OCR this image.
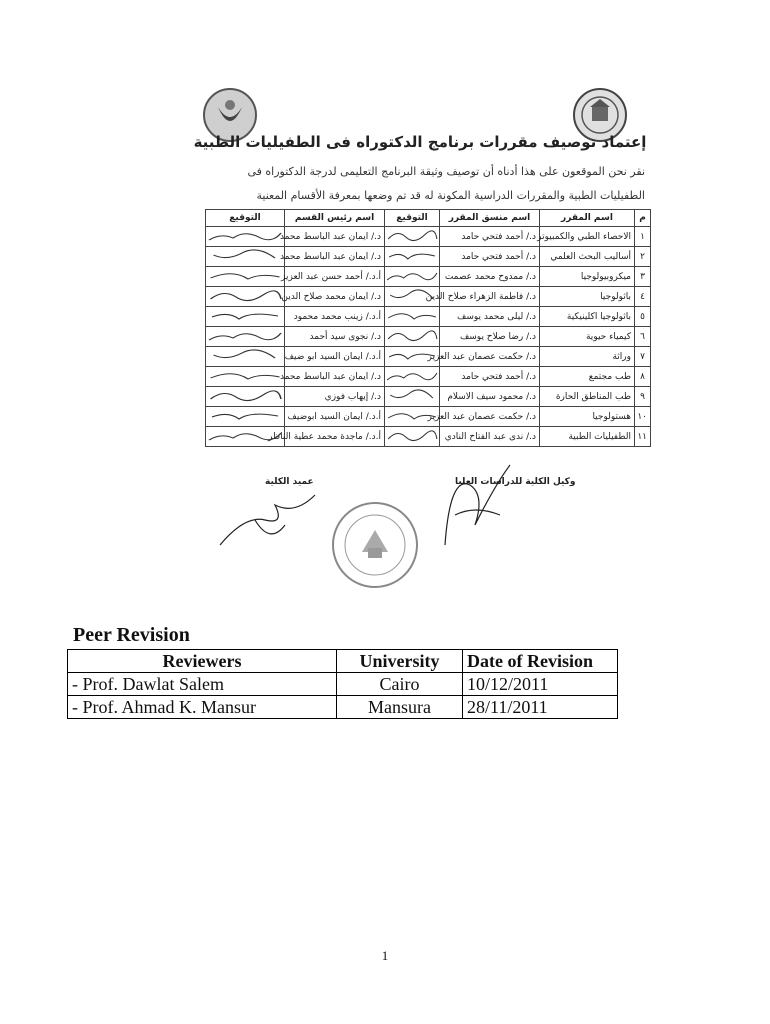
إعتماد توصيف مقررات برنامج الدكتوراه فى الطفيليات الطبية
نقر نحن الموقعون على هذا أدناه أن توصيف وثيقة البرنامج التعليمى لدرجة الدكتوراه فى
الطفيليات الطبية والمقررات الدراسية المكونة له قد تم وضعها بمعرفة الأقسام المعنية
م	اسم المقرر	اسم منسق المقرر	التوقيع	اسم رئيس القسم	التوقيع
١	الاحصاء الطبي والكمبيوتر	د./ أحمد فتحي حامد		د./ ايمان عبد الباسط محمد	
٢	أساليب البحث العلمي	د./ أحمد فتحي حامد		د./ ايمان عبد الباسط محمد	
٣	ميكروبيولوجيا	د./ ممدوح محمد عصمت		أ.د./ أحمد حسن عبد العزيز	
٤	باثولوجيا	د./ فاطمة الزهراء صلاح الدين		د./ ايمان محمد صلاح الدين	
٥	باثولوجيا اكلينيكية	د./ ليلى محمد يوسف		أ.د./ زينب محمد محمود	
٦	كيمياء حيوية	د./ رضا صلاح يوسف		د./ نجوى سيد أحمد	
٧	وراثة	د./ حكمت عصمان عبد العزيز		أ.د./ ايمان السيد ابو ضيف	
٨	طب مجتمع	د./ أحمد فتحي حامد		د./ ايمان عبد الباسط محمد	
٩	طب المناطق الحارة	د./ محمود سيف الاسلام		د./ إيهاب فوزي	
١٠	هستولوجيا	د./ حكمت عصمان عبد العزيز		أ.د./ ايمان السيد ابوضيف	
١١	الطفيليات الطبية	د./ ندى عبد الفتاح النادي		أ.د./ ماجدة محمد عطية الناظر	
عميد الكلية	وكيل الكلية للدراسات العليا
Peer Revision
Reviewers	University	Date of Revision
- Prof. Dawlat Salem	Cairo	10/12/2011
- Prof. Ahmad K. Mansur	Mansura	28/11/2011
1
